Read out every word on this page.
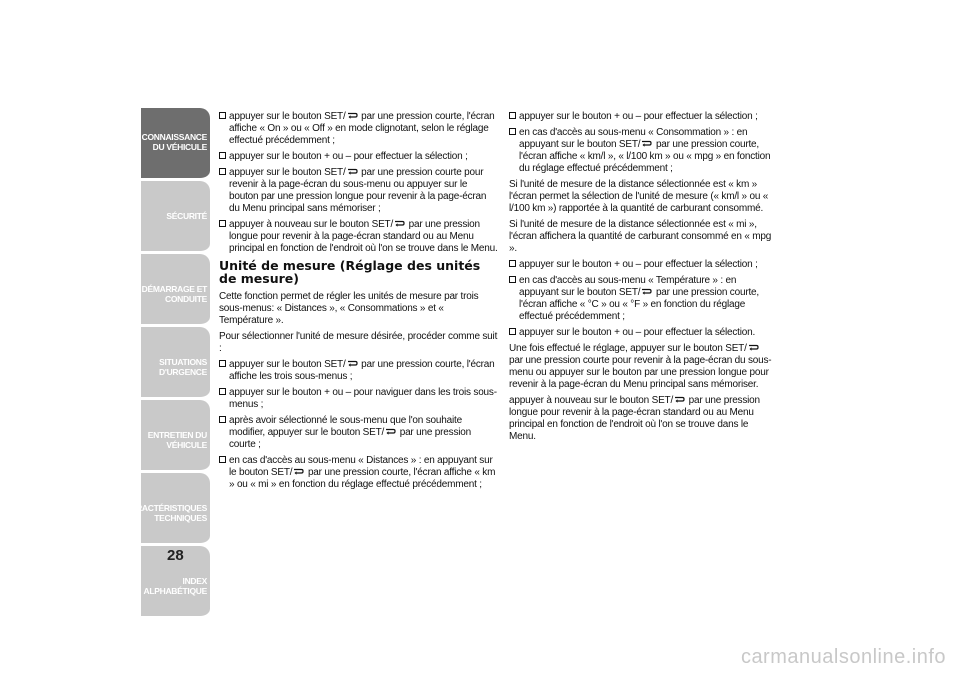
CONNAISSANCE DU VÉHICULE
SÉCURITÉ
DÉMARRAGE ET CONDUITE
SITUATIONS D'URGENCE
ENTRETIEN DU VÉHICULE
CARACTÉRISTIQUES TECHNIQUES
INDEX ALPHABÉTIQUE
28

appuyer sur le bouton SET/
par une pression courte, l'écran affiche « On » ou « Off » en mode clignotant, selon le réglage effectué précédemment ;

appuyer sur le bouton + ou – pour effectuer la sélection ;

appuyer sur le bouton SET/
par une pression courte pour revenir à la page-écran du sous-menu ou appuyer sur le bouton par une pression longue pour revenir à la page-écran du Menu principal sans mémoriser ;

appuyer à nouveau sur le bouton SET/
par une pression longue pour revenir à la page-écran standard ou au Menu principal en fonction de l'endroit où l'on se trouve dans le Menu.

Unité de mesure (Réglage des unités de mesure)

Cette fonction permet de régler les unités de mesure par trois sous-menus: « Distances », « Consommations » et « Température ».

Pour sélectionner l'unité de mesure désirée, procéder comme suit :

appuyer sur le bouton SET/
par une pression courte, l'écran affiche les trois sous-menus ;

appuyer sur le bouton + ou – pour naviguer dans les trois sous-menus ;

après avoir sélectionné le sous-menu que l'on souhaite modifier, appuyer sur le bouton SET/
par une pression courte ;

en cas d'accès au sous-menu « Distances » : en appuyant sur le bouton SET/
par une pression courte, l'écran affiche « km » ou « mi » en fonction du réglage effectué précédemment ;

appuyer sur le bouton + ou – pour effectuer la sélection ;

en cas d'accès au sous-menu « Consommation » : en appuyant sur le bouton SET/
par une pression courte, l'écran affiche « km/l », « l/100 km » ou « mpg » en fonction du réglage effectué précédemment ;

Si l'unité de mesure de la distance sélectionnée est « km » l'écran permet la sélection de l'unité de mesure (« km/l » ou « l/100 km ») rapportée à la quantité de carburant consommé.

Si l'unité de mesure de la distance sélectionnée est « mi », l'écran affichera la quantité de carburant consommé en « mpg ».

appuyer sur le bouton + ou – pour effectuer la sélection ;

en cas d'accès au sous-menu « Température » : en appuyant sur le bouton SET/
par une pression courte, l'écran affiche « °C » ou « °F » en fonction du réglage effectué précédemment ;

appuyer sur le bouton + ou – pour effectuer la sélection.

Une fois effectué le réglage, appuyer sur le bouton SET/
par une pression courte pour revenir à la page-écran du sous-menu ou appuyer sur le bouton par une pression longue pour revenir à la page-écran du Menu principal sans mémoriser.

appuyer à nouveau sur le bouton SET/
par une pression longue pour revenir à la page-écran standard ou au Menu principal en fonction de l'endroit où l'on se trouve dans le Menu.

carmanualsonline.info
